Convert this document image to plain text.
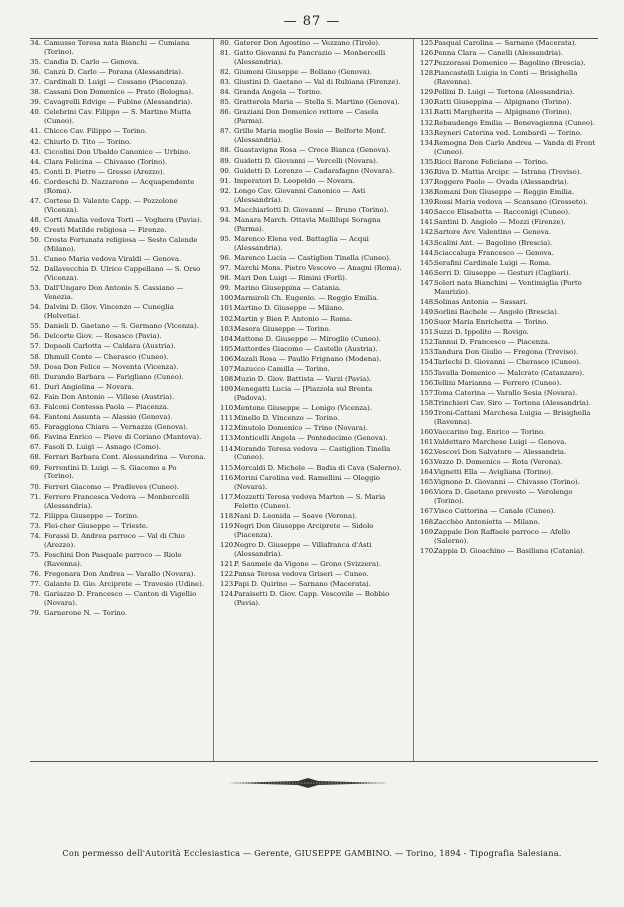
— 87 —
34. Camusso Teresa nata Bianchi — Cumiana (Torino).
35. Candia D. Carlo — Genova.
36. Canzù D. Carlo — Porana (Alessandria).
37. Cardinali D. Luigi — Cossano (Piacenza).
38. Cassani Don Domenico — Prato (Bologna).
39. Cavagrelli Edvige — Fubine (Alessandria).
40. Celebrini Cav. Filippo — S. Martino Mutta (Cuneo).
41. Chicco Cav. Filippo — Torino.
42. Chiurlo D. Tito — Torino.
43. Ciccolini Don Ubaldo Canonico — Urbino.
44. Clara Felicina — Chivasso (Torino).
45. Conti D. Pietro — Gresso (Arezzo).
46. Cordeschi D. Nazzareno — Acquapendente (Roma).
47. Cortese D. Valente Capp. — Pozzolone (Vicenza).
48. Corti Amalia vedova Torti — Voghera (Pavia).
49. Cresti Matilde religiosa — Firenze.
50. Crosta Fortunata religiosa — Sesto Calende (Milano).
51. Cuneo Maria vedova Viraldi — Genova.
52. Dallavecchia D. Ulrico Cappellano — S. Orso (Vicenza).
53. Dall'Ungaro Don Antonio S. Cassiano — Venezia.
54. Dalvini D. Glov. Vincenzo — Cuneglia (Helvetia).
55. Danieli D. Gaetano — S. Germano (Vicenza).
56. Delcorte Giov. — Rosasco (Pavia).
57. Dopaoli Carlotta — Caldara (Austria).
58. Dhmull Conte — Cherasco (Cuneo).
59. Dosa Don Felice — Noventa (Vicenza).
60. Durando Barbara — Farigliano (Cuneo).
61. Durì Angiolina — Novara.
62. Fain Don Antonio — Villese (Austria).
63. Falconi Contessa Paola — Piacenza.
64. Fantoni Assunta — Alassio (Genova).
65. Faraggiona Chiara — Vernazza (Genova).
66. Favina Enrico — Pieve di Coriano (Mantova).
67. Fasoli D. Luigi — Asnago (Como).
68. Ferrari Barbara Cont. Alessandrina — Verona.
69. Ferrentini D. Luigi — S. Giacomo a Po (Torino).
70. Ferreri Giacomo — Pradleves (Cuneo).
71. Ferrero Francesca Vedova — Monbercelli (Alessandria).
72. Filippa Giuseppe — Torino.
73. Flei-cher Giuseppe — Trieste.
74. Forassi D. Andrea parroco — Val di Chio (Arezzo).
75. Foschini Don Pasquale parroco — Riolo (Ravenna).
76. Fregonara Don Andrea — Varallo (Novara).
77. Galante D. Gio. Arciprete — Travesio (Udine).
78. Gariazzo D. Francesco — Canton di Vigellio (Novara).
79. Garnerone N. — Torino.
80. Gaterer Don Agostino — Vezzano (Tirolo).
81. Gatto Giovanni fu Pancrazio — Monbercelli (Alessandria).
82. Giumoni Giuseppe — Bollano (Genova).
83. Giustini D. Gaetano — Val di Rubiana (Firenze).
84. Granda Angela — Torino.
85. Gratterola Maria — Stella S. Martino (Genova).
86. Graziani Don Domenico rettore — Casola (Parma).
87. Grillo Maria moglie Bosio — Belforte Monf. (Alessandria).
88. Guastavigna Rosa — Croce Bianca (Genova).
89. Guidetti D. Giovanni — Vercelli (Novara).
90. Guidetti D. Lorenzo — Cadarafagno (Novara).
91. Imperatori D. Leopoldo — Novara.
92. Longo Cav. Giovanni Canonico — Asti (Alessandria).
93. Macchiarlotti D. Giovanni — Bruno (Torino).
94. Manara March. Ottavia Mellilupi Soragna (Parma).
95. Marenco Elena ved. Battaglia — Acqui (Alessandria).
96. Marenco Lucia — Castiglion Tinella (Cuneo).
97. Marchi Mons. Pietro Vescovo — Anagni (Roma).
98. Mari Don Luigi — Rimini (Forlì).
99. Marino Giuseppina — Catania.
100.Marmiroli Ch. Eugenio. — Reggio Emilia.
101.Martino D. Giuseppe — Milano.
102.Martin y Bien P. Antonio — Roma.
103.Masera Giuseppe — Torino.
104.Mattone D. Giuseppe — Miroglio (Cuneo).
105.Mattordes Giacomo — Castello (Austria).
106.Mazali Rosa — Paullo Frignano (Modena).
107.Mazucco Camilla — Torino.
108.Muzio D. Giov. Battista — Varzi (Pavia).
109.Menegatti Lucia — [Piazzola sul Brenta (Padova).
110.Mentone Giuseppe — Lonigo (Vicenza).
111.Minello D. Vincenzo — Torino.
112.Minutolo Domenico — Trino (Novara).
113.Monticelli Angela — Pontedecimo (Genova).
114.Morando Teresa vedova — Castiglion Tinella (Cuneo).
115.Morcaldi D. Michele — Badia di Cava (Salerno).
116.Morini Carolina ved. Ramellini — Oleggio (Novara).
117.Mozzetti Teresa vedova Marton — S. Maria Feletto (Cuneo).
118.Nani D. Leonida — Soave (Verona).
119.Negri Don Giuseppe Arciprete — Sidolo (Piacenza).
120.Negro D. Giuseppe — Villafranca d'Asti (Alessandria).
121.P. Saumele da Vigone — Grono (Svizzera).
122.Pansa Teresa vedova Griseri — Cuneo.
123.Papi D. Quirino — Sarnano (Macerata).
124.Paraisetti D. Giov. Capp. Vescovile — Bobbio (Pavia).
125.Pasqual Carolina — Sarnano (Macerata).
126.Penna Clara — Canelli (Alessandria).
127.Pezzorassi Domenico — Bagolino (Brescia).
128.Piancastelli Luigia in Conti — Brisighella (Ravenna).
129.Pollini D. Luigi — Tortona (Alessandria).
130.Ratti Giuseppina — Alpignano (Torino).
131.Ratti Margherita — Alpignano (Torino).
132.Rebaudengo Emilia — Benevagienna (Cuneo).
133.Reyneri Caterina ved. Lombardi — Torino.
134.Remogna Don Carlo Andrea — Vanda di Front (Cuneo).
135.Ricci Barone Feliciano — Torino.
136.Riva D. Mattia Arcipr. — Istrana (Treviso).
137.Roggero Paolo — Ovada (Alessandria).
138.Romani Don Giuseppe — Reggio Emilia.
139.Rossi Maria vedova — Scansano (Grosseto).
140.Sacco Elisabetta — Racconigi (Cuneo).
141.Santini D. Angiolo — Mozzi (Firenze).
142.Sartore Avv. Valentino — Genova.
143.Scalini Ant. — Bagolino (Brescia).
144.Sciaccaluga Francesco — Genova.
145.Serafini Cardinale Luigi — Roma.
146.Serri D. Giuseppe — Gesturi (Cagliari).
147.Soleri nata Bianchini — Ventimiglia (Porto Maurizio).
148.Solinas Antonia — Sassari.
149.Sorlini Rachele — Angolo (Brescia).
150.Suor Maria Enrichetta — Torino.
151.Suzzi D. Ippolito — Rovigo.
152.Tannui D. Francesco — Piacenza.
153.Tandura Don Giulio — Fregona (Treviso).
154.Tarlechi D. Giovanni — Cherasco (Cuneo).
155.Tavalla Domenico — Malcrato (Catanzaro).
156.Tellini Marianna — Ferrero (Cuneo).
157.Toma Caterina — Varallo Sesia (Novara).
158.Trinchieri Cav. Siro — Tortona (Alessandria).
159.Troni-Cattani Marchesa Luigia — Brisighella (Ravenna).
160.Vaccarino Ing. Enrico — Torino.
161.Valdettaro Marchese Luigi — Genova.
162.Vescovi Don Salvatore — Alessandria.
163.Vezzo D. Domenico — Rota (Verona).
164.Vignetti Ella — Avigliana (Torino).
165.Vignono D. Giovanni — Chivasso (Torino).
166.Viora D. Gaetano prevosto — Verolengo (Torino).
167.Visco Cattorina — Canale (Cuneo).
168.Zacchèo Antonietta — Milano.
169.Zappale Don Raffaele parroco — Afello (Salerno).
170.Zappia D. Gioachino — Basiliana (Catania).
Con permesso dell'Autorità Ecclesiastica — Gerente, GIUSEPPE GAMBINO. — Torino, 1894 - Tipografia Salesiana.
